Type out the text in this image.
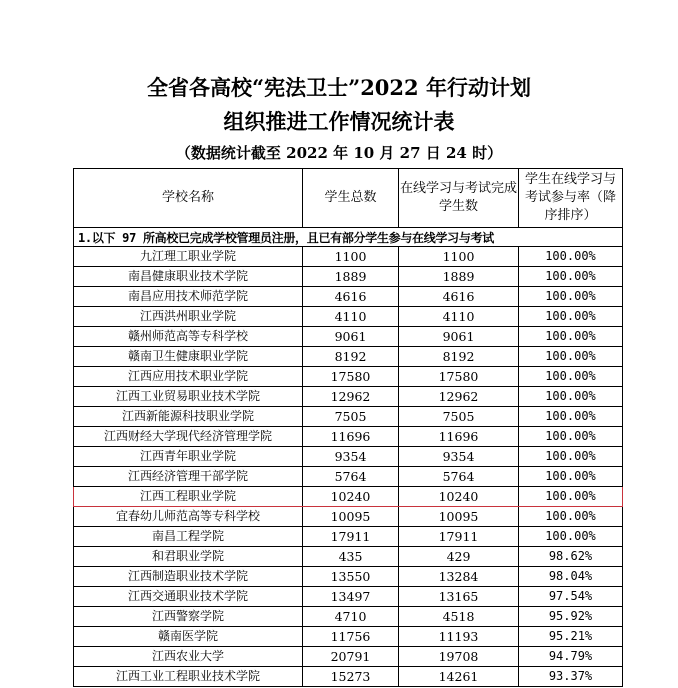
全省各高校“宪法卫士”2022 年行动计划
组织推进工作情况统计表
（数据统计截至 2022 年 10 月 27 日 24 时）
学校名称	学生总数	在线学习与考试完成学生数	学生在线学习与考试参与率（降序排序）
1.以下 97 所高校已完成学校管理员注册，且已有部分学生参与在线学习与考试			
九江理工职业学院	1100	1100	100.00%
南昌健康职业技术学院	1889	1889	100.00%
南昌应用技术师范学院	4616	4616	100.00%
江西洪州职业学院	4110	4110	100.00%
赣州师范高等专科学校	9061	9061	100.00%
赣南卫生健康职业学院	8192	8192	100.00%
江西应用技术职业学院	17580	17580	100.00%
江西工业贸易职业技术学院	12962	12962	100.00%
江西新能源科技职业学院	7505	7505	100.00%
江西财经大学现代经济管理学院	11696	11696	100.00%
江西青年职业学院	9354	9354	100.00%
江西经济管理干部学院	5764	5764	100.00%
江西工程职业学院	10240	10240	100.00%
宜春幼儿师范高等专科学校	10095	10095	100.00%
南昌工程学院	17911	17911	100.00%
和君职业学院	435	429	98.62%
江西制造职业技术学院	13550	13284	98.04%
江西交通职业技术学院	13497	13165	97.54%
江西警察学院	4710	4518	95.92%
赣南医学院	11756	11193	95.21%
江西农业大学	20791	19708	94.79%
江西工业工程职业技术学院	15273	14261	93.37%
